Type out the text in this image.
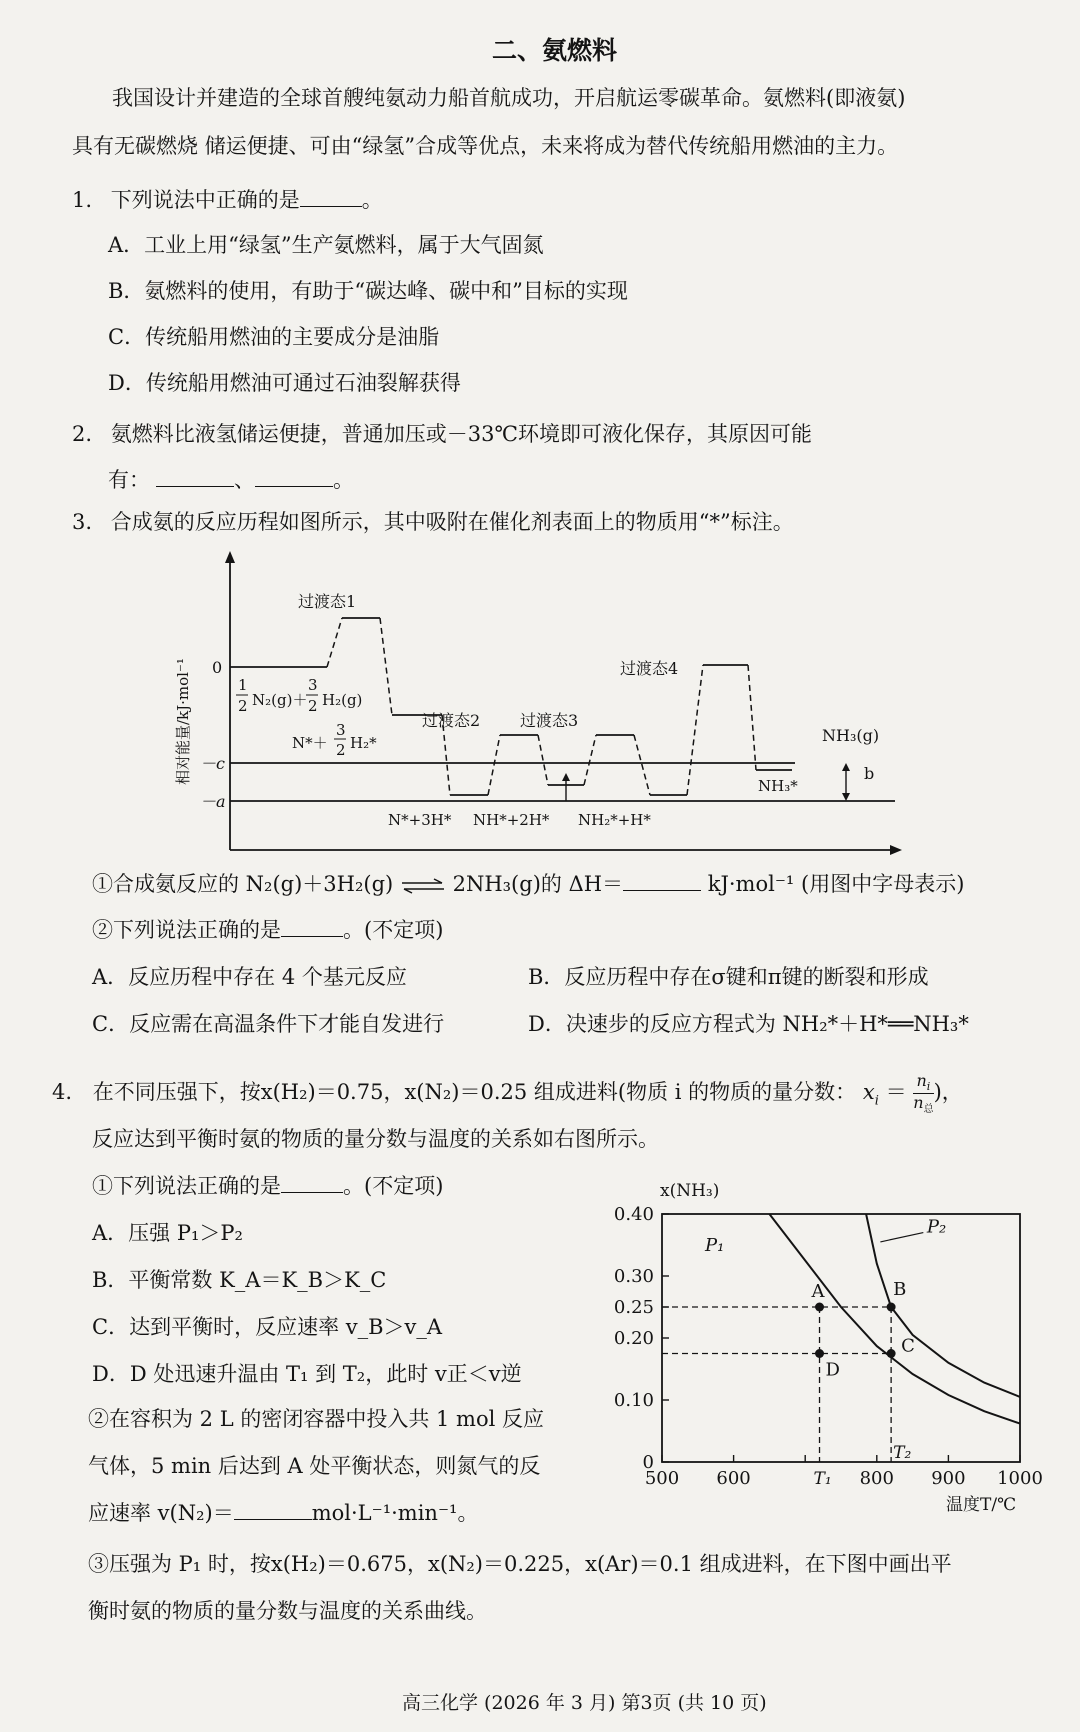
二、氨燃料
我国设计并建造的全球首艘纯氨动力船首航成功，开启航运零碳革命。氨燃料(即液氨)
具有无碳燃烧 储运便捷、可由“绿氢”合成等优点，未来将成为替代传统船用燃油的主力。
1. 下列说法中正确的是	。
A．工业上用“绿氢”生产氨燃料，属于大气固氮
B．氨燃料的使用，有助于“碳达峰、碳中和”目标的实现
C．传统船用燃油的主要成分是油脂
D．传统船用燃油可通过石油裂解获得
2. 氨燃料比液氢储运便捷，普通加压或－33℃环境即可液化保存，其原因可能
有：	、	。
3. 合成氨的反应历程如图所示，其中吸附在催化剂表面上的物质用“*”标注。
相对能量/kJ·mol⁻¹ 0
－c
－a
过渡态1
过渡态2 过渡态3
过渡态4
1
2 N₂(g)＋
3
2 H₂(g)
N*＋
3
2 H₂*
N*+3H* NH*+2H* NH₂*+H*
NH₃*
NH₃(g)
b
①合成氨反应的 N₂(g)＋3H₂(g) ⇌ 2NH₃(g)的 ΔH＝	kJ·mol⁻¹ (用图中字母表示)
②下列说法正确的是	。(不定项)
A．反应历程中存在 4 个基元反应	B．反应历程中存在σ键和π键的断裂和形成
C．反应需在高温条件下才能自发进行	D．决速步的反应方程式为 NH₂*＋H*══NH₃*
4. 在不同压强下，按x(H₂)＝0.75，x(N₂)＝0.25 组成进料(物质 i 的物质的量分数： $x_i = n_i$
$n_总$
)，
反应达到平衡时氨的物质的量分数与温度的关系如右图所示。
①下列说法正确的是	。(不定项)
A．压强 P₁＞P₂
B．平衡常数 K_A＝K_B＞K_C
C．达到平衡时，反应速率 v_B＞v_A
D．D 处迅速升温由 T₁ 到 T₂，此时 v正＜v逆
②在容积为 2 L 的密闭容器中投入共 1 mol 反应
气体，5 min 后达到 A 处平衡状态，则氮气的反
应速率 v(N₂)＝	mol·L⁻¹·min⁻¹。
③压强为 P₁ 时，按x(H₂)＝0.675，x(N₂)＝0.225，x(Ar)＝0.1 组成进料，在下图中画出平
衡时氨的物质的量分数与温度的关系曲线。
x(NH₃)
0
0.10
0.20
0.25
0.30
0.40
500 600	800 900 1000
P₁
P₂
A	B
C
D
T₁
T₂
温度T/℃
高三化学 (2026 年 3 月) 第3页 (共 10 页)
